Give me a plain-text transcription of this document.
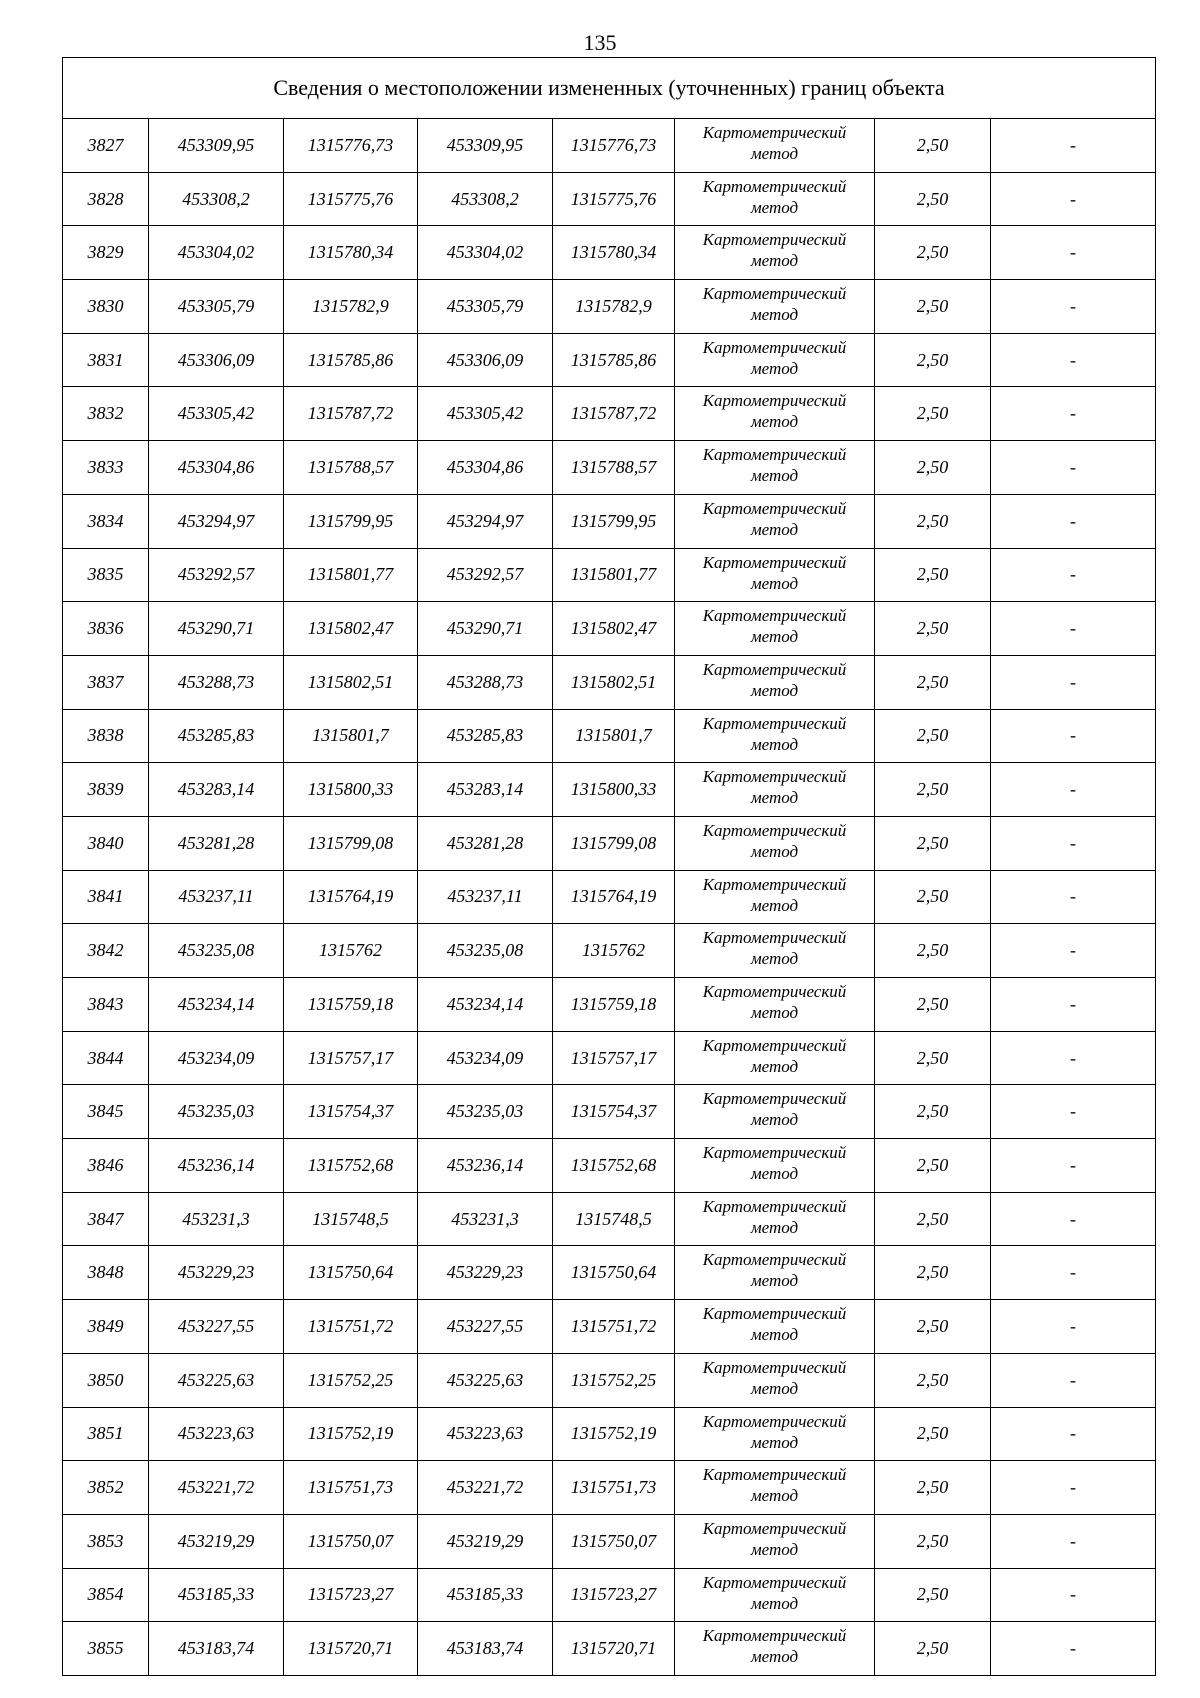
135
Сведения о местоположении измененных (уточненных) границ объекта							
3827	453309,95	1315776,73	453309,95	1315776,73	Картометрический
метод	2,50	-
3828	453308,2	1315775,76	453308,2	1315775,76	Картометрический
метод	2,50	-
3829	453304,02	1315780,34	453304,02	1315780,34	Картометрический
метод	2,50	-
3830	453305,79	1315782,9	453305,79	1315782,9	Картометрический
метод	2,50	-
3831	453306,09	1315785,86	453306,09	1315785,86	Картометрический
метод	2,50	-
3832	453305,42	1315787,72	453305,42	1315787,72	Картометрический
метод	2,50	-
3833	453304,86	1315788,57	453304,86	1315788,57	Картометрический
метод	2,50	-
3834	453294,97	1315799,95	453294,97	1315799,95	Картометрический
метод	2,50	-
3835	453292,57	1315801,77	453292,57	1315801,77	Картометрический
метод	2,50	-
3836	453290,71	1315802,47	453290,71	1315802,47	Картометрический
метод	2,50	-
3837	453288,73	1315802,51	453288,73	1315802,51	Картометрический
метод	2,50	-
3838	453285,83	1315801,7	453285,83	1315801,7	Картометрический
метод	2,50	-
3839	453283,14	1315800,33	453283,14	1315800,33	Картометрический
метод	2,50	-
3840	453281,28	1315799,08	453281,28	1315799,08	Картометрический
метод	2,50	-
3841	453237,11	1315764,19	453237,11	1315764,19	Картометрический
метод	2,50	-
3842	453235,08	1315762	453235,08	1315762	Картометрический
метод	2,50	-
3843	453234,14	1315759,18	453234,14	1315759,18	Картометрический
метод	2,50	-
3844	453234,09	1315757,17	453234,09	1315757,17	Картометрический
метод	2,50	-
3845	453235,03	1315754,37	453235,03	1315754,37	Картометрический
метод	2,50	-
3846	453236,14	1315752,68	453236,14	1315752,68	Картометрический
метод	2,50	-
3847	453231,3	1315748,5	453231,3	1315748,5	Картометрический
метод	2,50	-
3848	453229,23	1315750,64	453229,23	1315750,64	Картометрический
метод	2,50	-
3849	453227,55	1315751,72	453227,55	1315751,72	Картометрический
метод	2,50	-
3850	453225,63	1315752,25	453225,63	1315752,25	Картометрический
метод	2,50	-
3851	453223,63	1315752,19	453223,63	1315752,19	Картометрический
метод	2,50	-
3852	453221,72	1315751,73	453221,72	1315751,73	Картометрический
метод	2,50	-
3853	453219,29	1315750,07	453219,29	1315750,07	Картометрический
метод	2,50	-
3854	453185,33	1315723,27	453185,33	1315723,27	Картометрический
метод	2,50	-
3855	453183,74	1315720,71	453183,74	1315720,71	Картометрический
метод	2,50	-
